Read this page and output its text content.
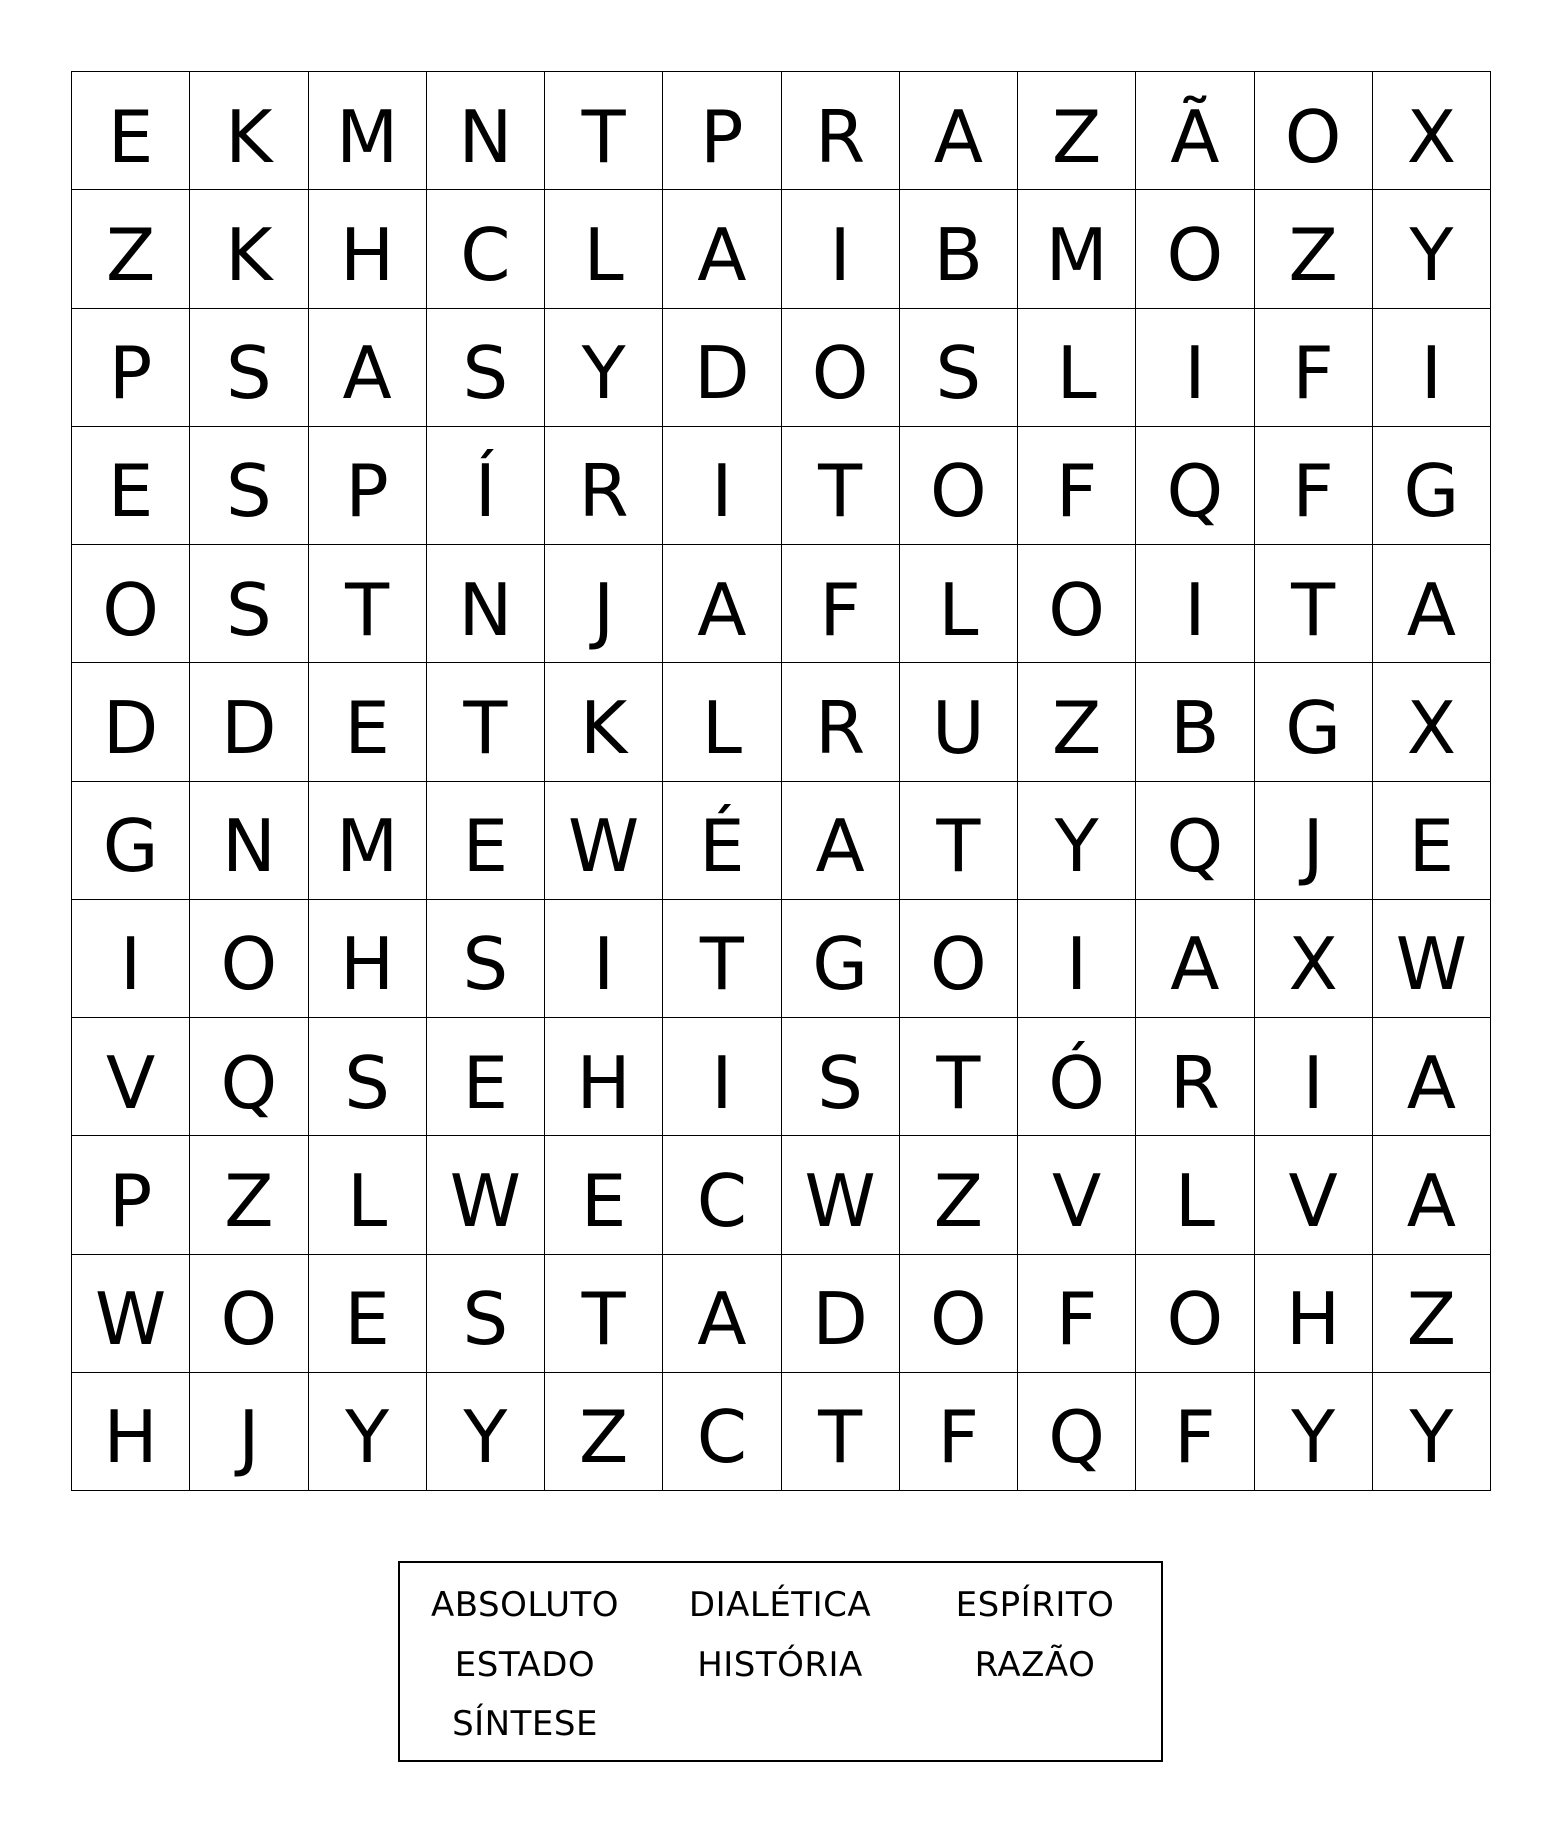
E K M N T	P R A Z Ã O X
Z K H C	L	A	I	B M O Z Y
P	S A S	Y D O S	L	I	F	I
E	S	P	Í	R	I	T O F Q F G
O S	T N	J	A	F	L O	I	T A
D D E	T	K	L	R U Z B G X
G N M E W É A T	Y Q	J	E
I	O H S	I	T G O	I	A X W
V Q S	E H	I	S	T Ó R	I	A
P Z	L W E C W Z V	L	V A
W O E	S	T A D O F O H Z
H	J	Y	Y Z C T	F Q F	Y	Y
ABSOLUTO DIALÉTICA ESPÍRITO
ESTADO	HISTÓRIA	RAZÃO
SÍNTESE
